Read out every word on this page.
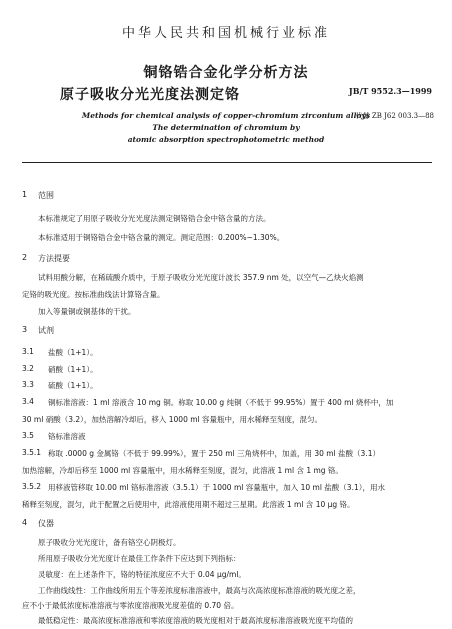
中华人民共和国机械行业标准
铜铬锆合金化学分析方法
原子吸收分光光度法测定铬	JB/T 9552.3—1999
Methods for chemical analysis of copper-chromium zirconium alloys
代替 ZB J62 003.3—88
The determination of chromium by
atomic absorption spectrophotometric method
1 范围
本标准规定了用原子吸收分光光度法测定铜铬锆合金中铬含量的方法。
本标准适用于铜铬锆合金中铬含量的测定。测定范围：0.200%~1.30%。
2 方法提要
试料用酸分解，在稀硫酸介质中，于原子吸收分光光度计波长 357.9 nm 处，以空气—乙炔火焰测
定铬的吸光度。按标准曲线法计算铬含量。
加入等量铜或铜基体的干扰。
3 试剂
3.1 盐酸（1+1）。
3.2 硝酸（1+1）。
3.3 硫酸（1+1）。
3.4 铜标准溶液：1 ml 溶液含 10 mg 铜。称取 10.00 g 纯铜（不低于 99.95%）置于 400 ml 烧杯中，加
30 ml 硝酸（3.2），加热溶解冷却后，移入 1000 ml 容量瓶中，用水稀释至刻度，混匀。
3.5 铬标准溶液
3.5.1 称取 .0000 g 金属铬（不低于 99.99%），置于 250 ml 三角烧杯中，加盖，用 30 ml 盐酸（3.1）
加热溶解，冷却后移至 1000 ml 容量瓶中，用水稀释至刻度，混匀，此溶液 1 ml 含 1 mg 铬。
3.5.2 用移液管移取 10.00 ml 铬标准溶液（3.5.1）于 1000 ml 容量瓶中，加入 10 ml 盐酸（3.1），用水
稀释至刻度，混匀，此于配置之后使用中，此溶液使用期不超过三星期。此溶液 1 ml 含 10 μg 铬。
4 仪器
原子吸收分光光度计，备有铬空心阴极灯。
所用原子吸收分光光度计在最佳工作条件下应达到下列指标：
灵敏度：在上述条件下，铬的特征浓度应不大于 0.04 μg/ml。
工作曲线线性：工作曲线所用五个等差浓度标准溶液中，最高与次高浓度标准溶液的吸光度之差，
应不小于最低浓度标准溶液与零浓度溶液吸光度差值的 0.70 倍。
最低稳定性：最高浓度标准溶液和零浓度溶液的吸光度相对于最高浓度标准溶液吸光度平均值的
